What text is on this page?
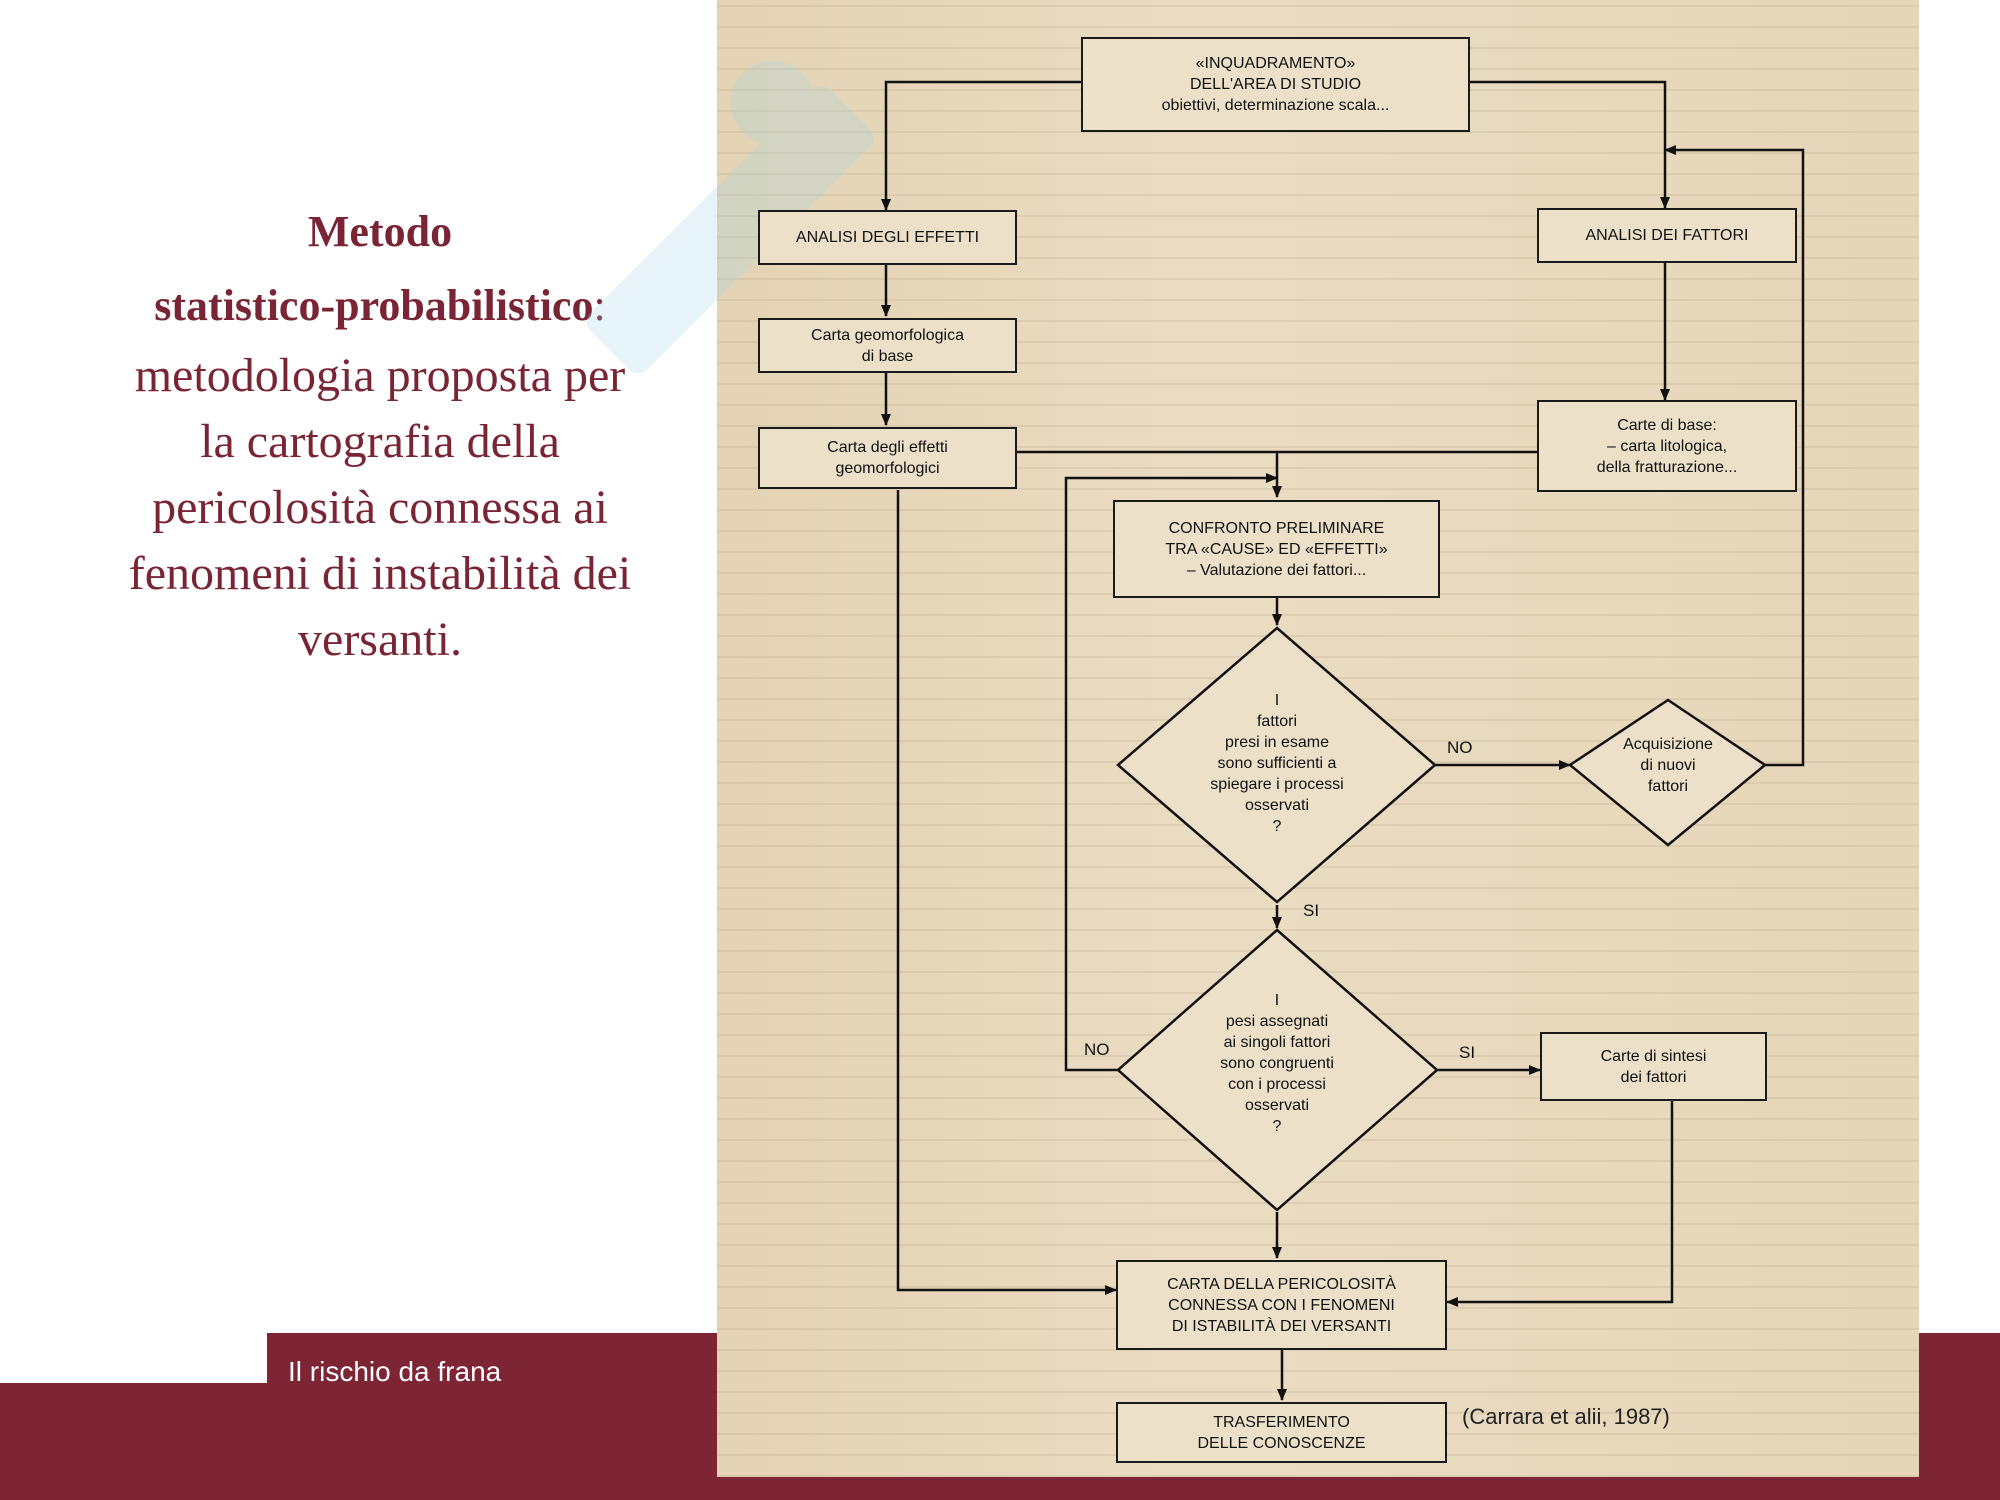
Metodo
statistico-probabilistico:
metodologia proposta per
la cartografia della
pericolosità connessa ai
fenomeni di instabilità dei
versanti.
Il rischio da frana
«INQUADRAMENTO»
DELL'AREA DI STUDIO
obiettivi, determinazione scala...
ANALISI DEGLI EFFETTI	ANALISI DEI FATTORI
Carta geomorfologica
di base
Carta degli effetti
geomorfologici
Carte di base:
– carta litologica,
della fratturazione...
CONFRONTO PRELIMINARE
TRA «CAUSE» ED «EFFETTI»
– Valutazione dei fattori...
I
fattori
presi in esame
sono sufficienti a
spiegare i processi
osservati
?
Acquisizione
di nuovi
fattori
I
pesi assegnati
ai singoli fattori
sono congruenti
con i processi
osservati
?
Carte di sintesi
dei fattori
CARTA DELLA PERICOLOSITÀ
CONNESSA CON I FENOMENI
DI ISTABILITÀ DEI VERSANTI
TRASFERIMENTO
DELLE CONOSCENZE
NO
SI
NO	SI
(Carrara et alii, 1987)
